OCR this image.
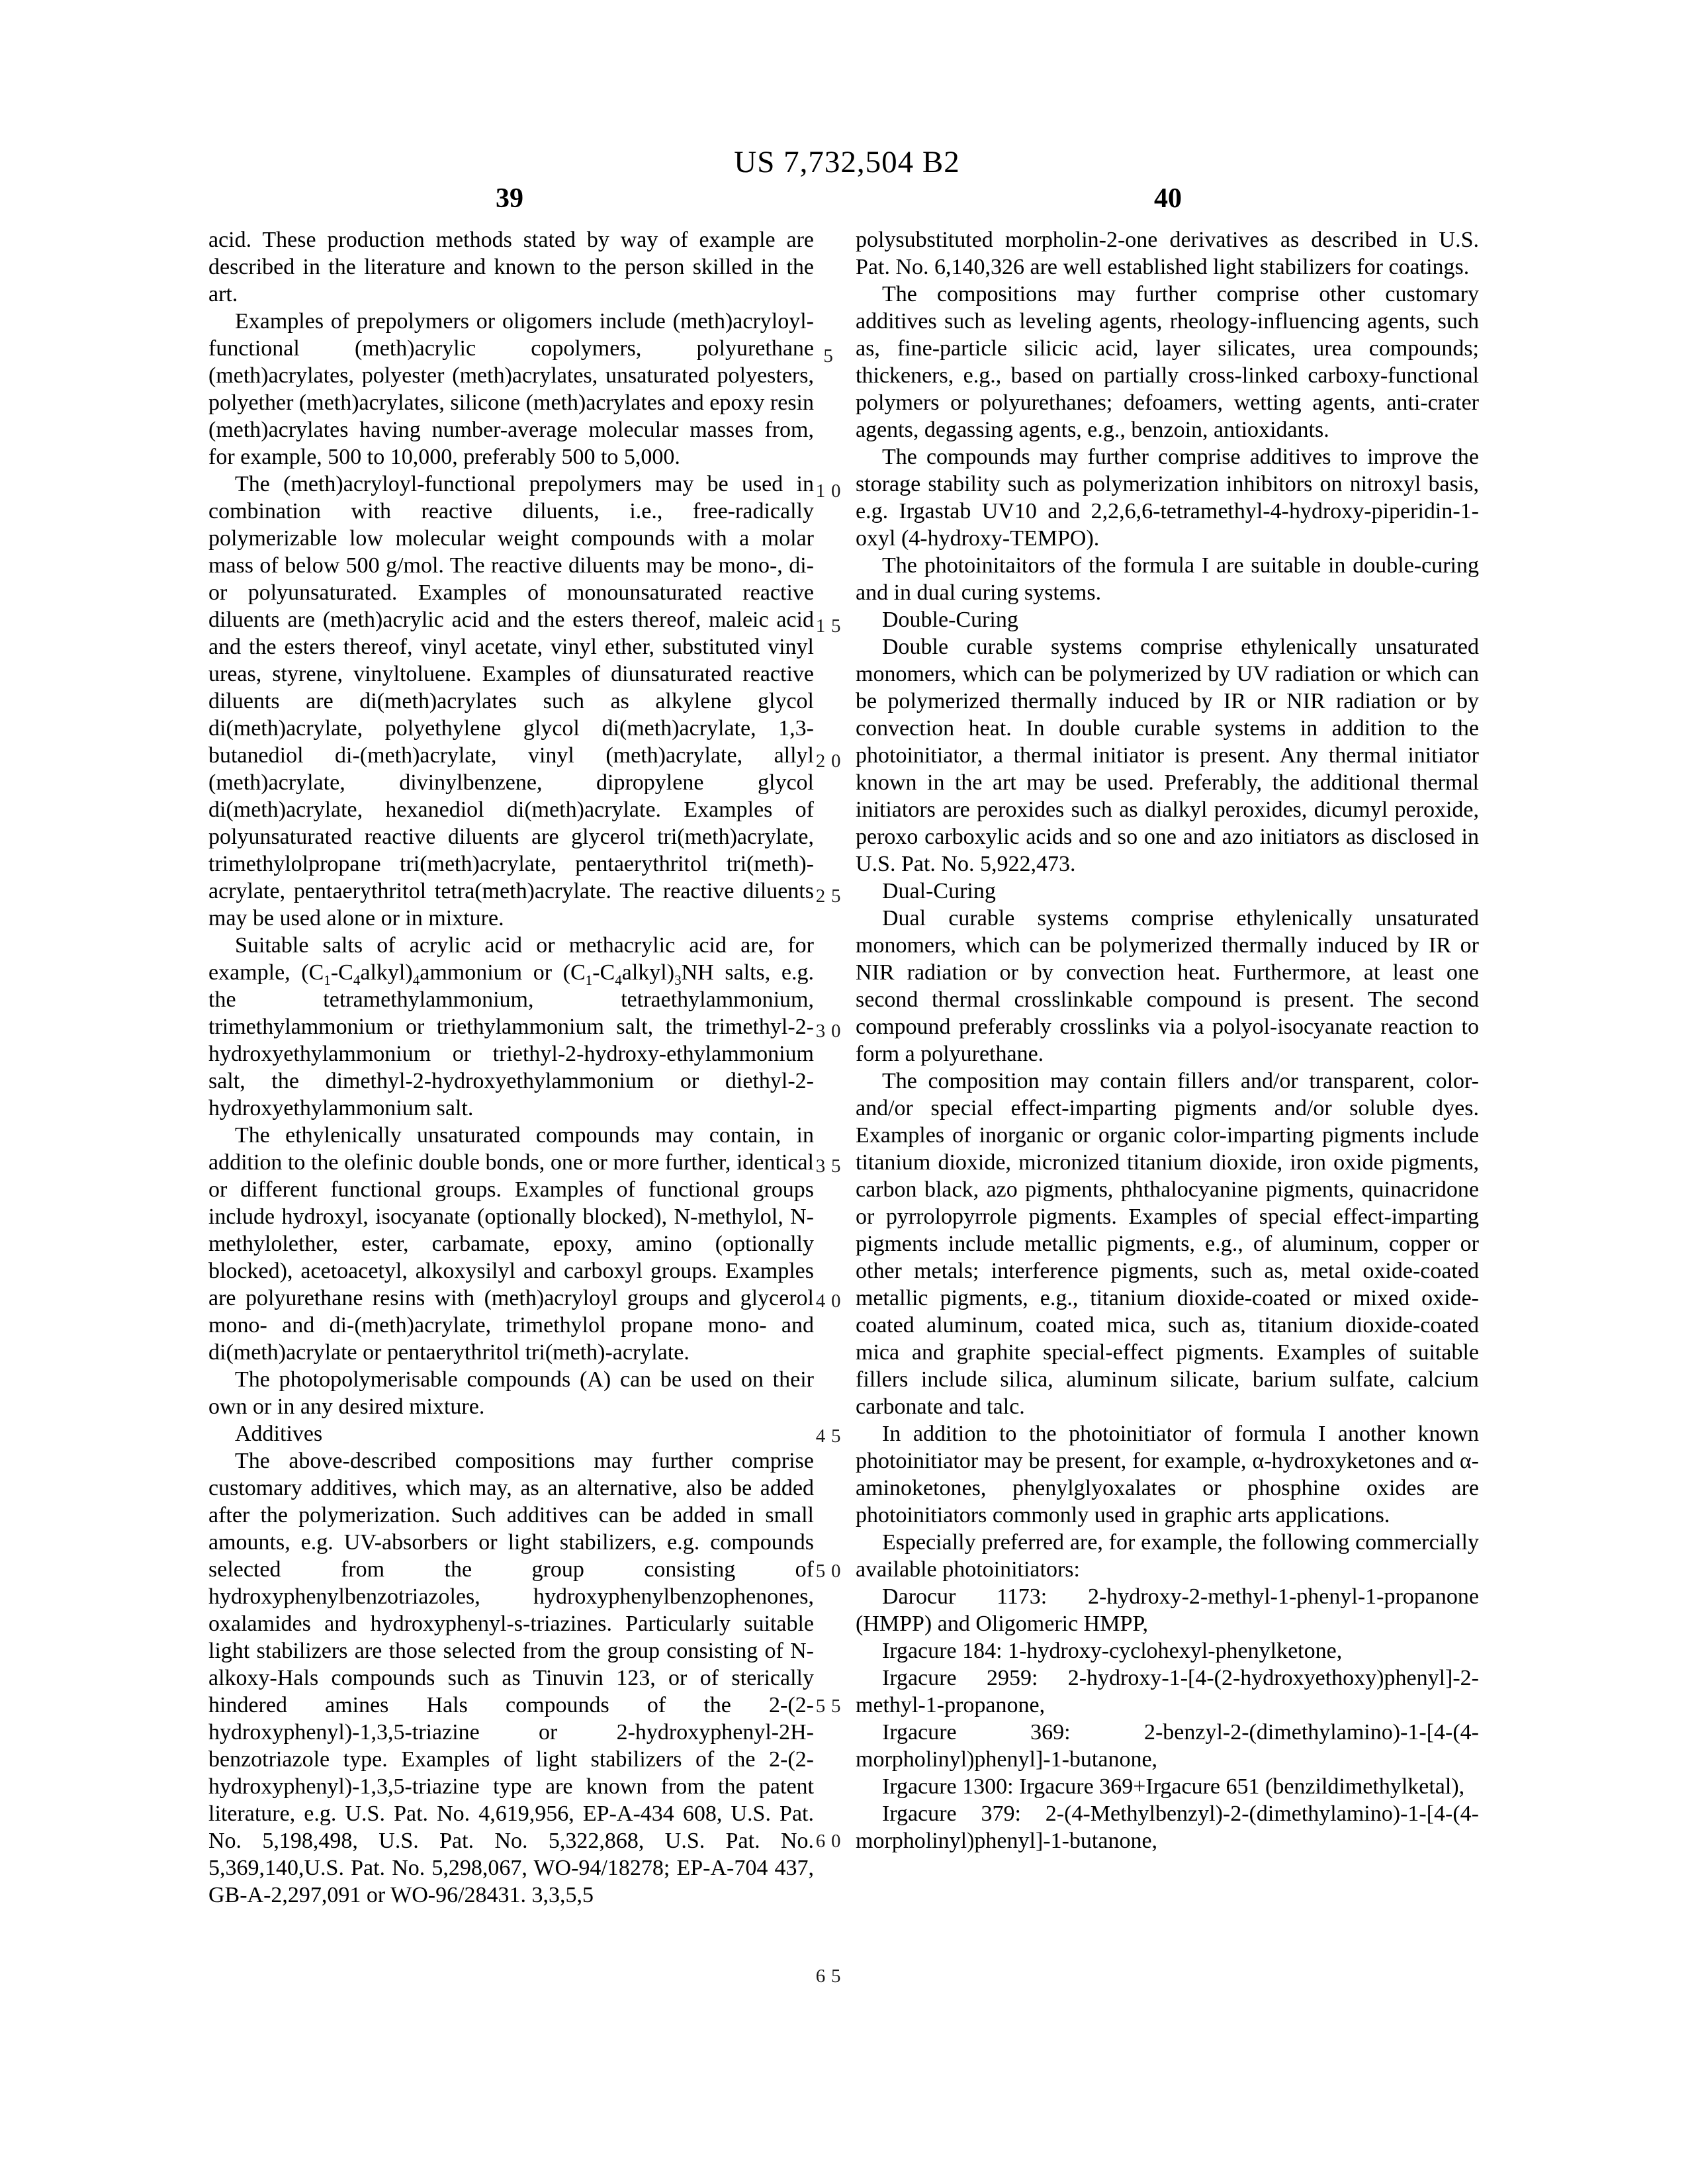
US 7,732,504 B2
39	40

acid. These production methods stated by way of example are described in the literature and known to the person skilled in the art.

Examples of prepolymers or oligomers include (meth)acryloyl-functional (meth)acrylic copolymers, polyurethane (meth)acrylates, polyester (meth)acrylates, unsaturated polyesters, polyether (meth)acrylates, silicone (meth)acrylates and epoxy resin (meth)acrylates having number-average molecular masses from, for example, 500 to 10,000, preferably 500 to 5,000.

The (meth)acryloyl-functional prepolymers may be used in combination with reactive diluents, i.e., free-radically polymerizable low molecular weight compounds with a molar mass of below 500 g/mol. The reactive diluents may be mono-, di- or polyunsaturated. Examples of monounsaturated reactive diluents are (meth)acrylic acid and the esters thereof, maleic acid and the esters thereof, vinyl acetate, vinyl ether, substituted vinyl ureas, styrene, vinyltoluene. Examples of diunsaturated reactive diluents are di(meth)acrylates such as alkylene glycol di(meth)acrylate, polyethylene glycol di(meth)acrylate, 1,3-butanediol di-(meth)acrylate, vinyl (meth)acrylate, allyl (meth)acrylate, divinylbenzene, dipropylene glycol di(meth)acrylate, hexanediol di(meth)acrylate. Examples of polyunsaturated reactive diluents are glycerol tri(meth)acrylate, trimethylolpropane tri(meth)acrylate, pentaerythritol tri(meth)-acrylate, pentaerythritol tetra(meth)acrylate. The reactive diluents may be used alone or in mixture.

Suitable salts of acrylic acid or methacrylic acid are, for example, $(C_1-C_4alkyl)_4ammonium$ or $(C_1-C_4alkyl)_3NH$ salts, e.g. the tetramethylammonium, tetraethylammonium, trimethylammonium or triethylammonium salt, the trimethyl-2-hydroxyethylammonium or triethyl-2-hydroxy-ethylammonium salt, the dimethyl-2-hydroxyethylammonium or diethyl-2-hydroxyethylammonium salt.

The ethylenically unsaturated compounds may contain, in addition to the olefinic double bonds, one or more further, identical or different functional groups. Examples of functional groups include hydroxyl, isocyanate (optionally blocked), N-methylol, N-methylolether, ester, carbamate, epoxy, amino (optionally blocked), acetoacetyl, alkoxysilyl and carboxyl groups. Examples are polyurethane resins with (meth)acryloyl groups and glycerol mono- and di-(meth)acrylate, trimethylol propane mono- and di(meth)acrylate or pentaerythritol tri(meth)-acrylate.

The photopolymerisable compounds (A) can be used on their own or in any desired mixture.

Additives

The above-described compositions may further comprise customary additives, which may, as an alternative, also be added after the polymerization. Such additives can be added in small amounts, e.g. UV-absorbers or light stabilizers, e.g. compounds selected from the group consisting of hydroxyphenylbenzotriazoles, hydroxyphenylbenzophenones, oxalamides and hydroxyphenyl-s-triazines. Particularly suitable light stabilizers are those selected from the group consisting of N-alkoxy-Hals compounds such as Tinuvin 123, or of sterically hindered amines Hals compounds of the 2-(2-hydroxyphenyl)-1,3,5-triazine or 2-hydroxyphenyl-2H-benzotriazole type. Examples of light stabilizers of the 2-(2-hydroxyphenyl)-1,3,5-triazine type are known from the patent literature, e.g. U.S. Pat. No. 4,619,956, EP-A-434 608, U.S. Pat. No. 5,198,498, U.S. Pat. No. 5,322,868, U.S. Pat. No. 5,369,140,U.S. Pat. No. 5,298,067, WO-94/18278; EP-A-704 437, GB-A-2,297,091 or WO-96/28431. 3,3,5,5

polysubstituted morpholin-2-one derivatives as described in U.S. Pat. No. 6,140,326 are well established light stabilizers for coatings.

The compositions may further comprise other customary additives such as leveling agents, rheology-influencing agents, such as, fine-particle silicic acid, layer silicates, urea compounds; thickeners, e.g., based on partially cross-linked carboxy-functional polymers or polyurethanes; defoamers, wetting agents, anti-crater agents, degassing agents, e.g., benzoin, antioxidants.

The compounds may further comprise additives to improve the storage stability such as polymerization inhibitors on nitroxyl basis, e.g. Irgastab UV10 and 2,2,6,6-tetramethyl-4-hydroxy-piperidin-1-oxyl (4-hydroxy-TEMPO).

The photoinitaitors of the formula I are suitable in double-curing and in dual curing systems.

Double-Curing

Double curable systems comprise ethylenically unsaturated monomers, which can be polymerized by UV radiation or which can be polymerized thermally induced by IR or NIR radiation or by convection heat. In double curable systems in addition to the photoinitiator, a thermal initiator is present. Any thermal initiator known in the art may be used. Preferably, the additional thermal initiators are peroxides such as dialkyl peroxides, dicumyl peroxide, peroxo carboxylic acids and so one and azo initiators as disclosed in U.S. Pat. No. 5,922,473.

Dual-Curing

Dual curable systems comprise ethylenically unsaturated monomers, which can be polymerized thermally induced by IR or NIR radiation or by convection heat. Furthermore, at least one second thermal crosslinkable compound is present. The second compound preferably crosslinks via a polyol-isocyanate reaction to form a polyurethane.

The composition may contain fillers and/or transparent, color- and/or special effect-imparting pigments and/or soluble dyes. Examples of inorganic or organic color-imparting pigments include titanium dioxide, micronized titanium dioxide, iron oxide pigments, carbon black, azo pigments, phthalocyanine pigments, quinacridone or pyrrolopyrrole pigments. Examples of special effect-imparting pigments include metallic pigments, e.g., of aluminum, copper or other metals; interference pigments, such as, metal oxide-coated metallic pigments, e.g., titanium dioxide-coated or mixed oxide-coated aluminum, coated mica, such as, titanium dioxide-coated mica and graphite special-effect pigments. Examples of suitable fillers include silica, aluminum silicate, barium sulfate, calcium carbonate and talc.

In addition to the photoinitiator of formula I another known photoinitiator may be present, for example, α-hydroxyketones and α-aminoketones, phenylglyoxalates or phosphine oxides are photoinitiators commonly used in graphic arts applications.

Especially preferred are, for example, the following commercially available photoinitiators:

Darocur 1173: 2-hydroxy-2-methyl-1-phenyl-1-propanone (HMPP) and Oligomeric HMPP,

Irgacure 184: 1-hydroxy-cyclohexyl-phenylketone,

Irgacure 2959: 2-hydroxy-1-[4-(2-hydroxyethoxy)phenyl]-2-methyl-1-propanone,

Irgacure 369: 2-benzyl-2-(dimethylamino)-1-[4-(4-morpholinyl)phenyl]-1-butanone,

Irgacure 1300: Irgacure 369+Irgacure 651 (benzildimethylketal),

Irgacure 379: 2-(4-Methylbenzyl)-2-(dimethylamino)-1-[4-(4-morpholinyl)phenyl]-1-butanone,

5
10
15
20
25
30
35
40
45
50
55
60
65
